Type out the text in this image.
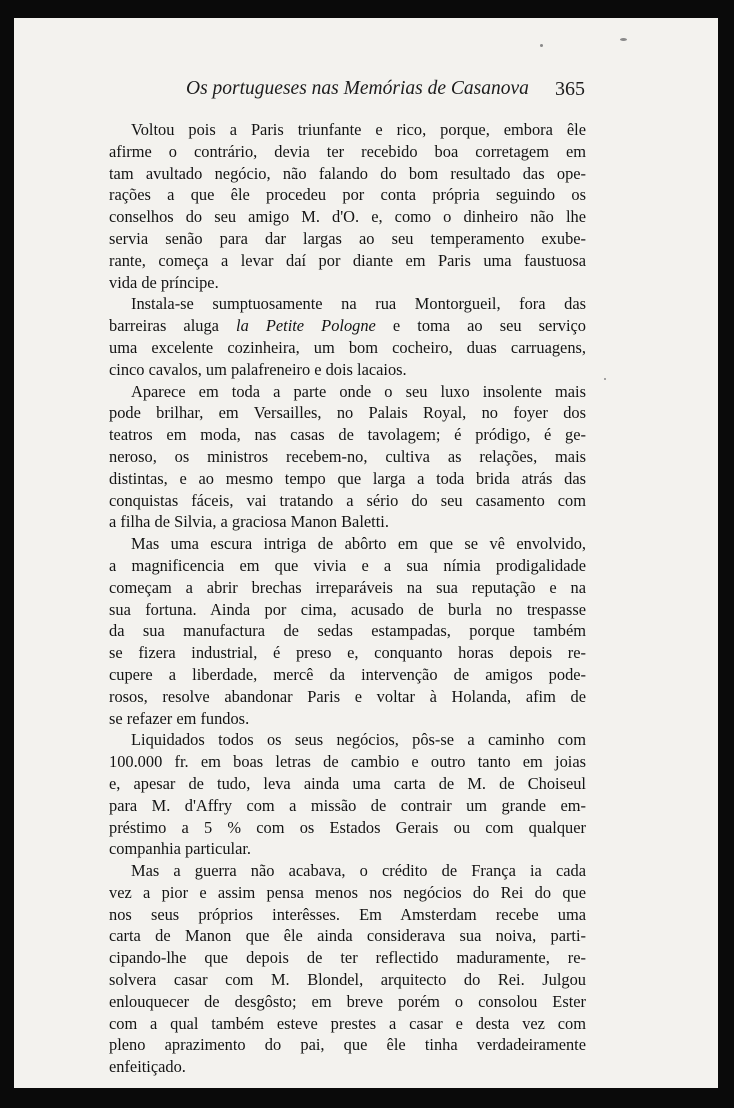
Os portugueses nas Memórias de Casanova 365
Voltou pois a Paris triunfante e rico, porque, embora êle
afirme o contrário, devia ter recebido boa corretagem em
tam avultado negócio, não falando do bom resultado das ope-
rações a que êle procedeu por conta própria seguindo os
conselhos do seu amigo M. d'O. e, como o dinheiro não lhe
servia senão para dar largas ao seu temperamento exube-
rante, começa a levar daí por diante em Paris uma faustuosa
vida de príncipe.
Instala-se sumptuosamente na rua Montorgueil, fora das
barreiras aluga la Petite Pologne e toma ao seu serviço
uma excelente cozinheira, um bom cocheiro, duas carruagens,
cinco cavalos, um palafreneiro e dois lacaios.
Aparece em toda a parte onde o seu luxo insolente mais
pode brilhar, em Versailles, no Palais Royal, no foyer dos
teatros em moda, nas casas de tavolagem; é pródigo, é ge-
neroso, os ministros recebem-no, cultiva as relações, mais
distintas, e ao mesmo tempo que larga a toda brida atrás das
conquistas fáceis, vai tratando a sério do seu casamento com
a filha de Silvia, a graciosa Manon Baletti.
Mas uma escura intriga de abôrto em que se vê envolvido,
a magnificencia em que vivia e a sua nímia prodigalidade
começam a abrir brechas irreparáveis na sua reputação e na
sua fortuna. Ainda por cima, acusado de burla no trespasse
da sua manufactura de sedas estampadas, porque também
se fizera industrial, é preso e, conquanto horas depois re-
cupere a liberdade, mercê da intervenção de amigos pode-
rosos, resolve abandonar Paris e voltar à Holanda, afim de
se refazer em fundos.
Liquidados todos os seus negócios, pôs-se a caminho com
100.000 fr. em boas letras de cambio e outro tanto em joias
e, apesar de tudo, leva ainda uma carta de M. de Choiseul
para M. d'Affry com a missão de contrair um grande em-
préstimo a 5 % com os Estados Gerais ou com qualquer
companhia particular.
Mas a guerra não acabava, o crédito de França ia cada
vez a pior e assim pensa menos nos negócios do Rei do que
nos seus próprios interêsses. Em Amsterdam recebe uma
carta de Manon que êle ainda considerava sua noiva, parti-
cipando-lhe que depois de ter reflectido maduramente, re-
solvera casar com M. Blondel, arquitecto do Rei. Julgou
enlouquecer de desgôsto; em breve porém o consolou Ester
com a qual também esteve prestes a casar e desta vez com
pleno aprazimento do pai, que êle tinha verdadeiramente
enfeitiçado.
